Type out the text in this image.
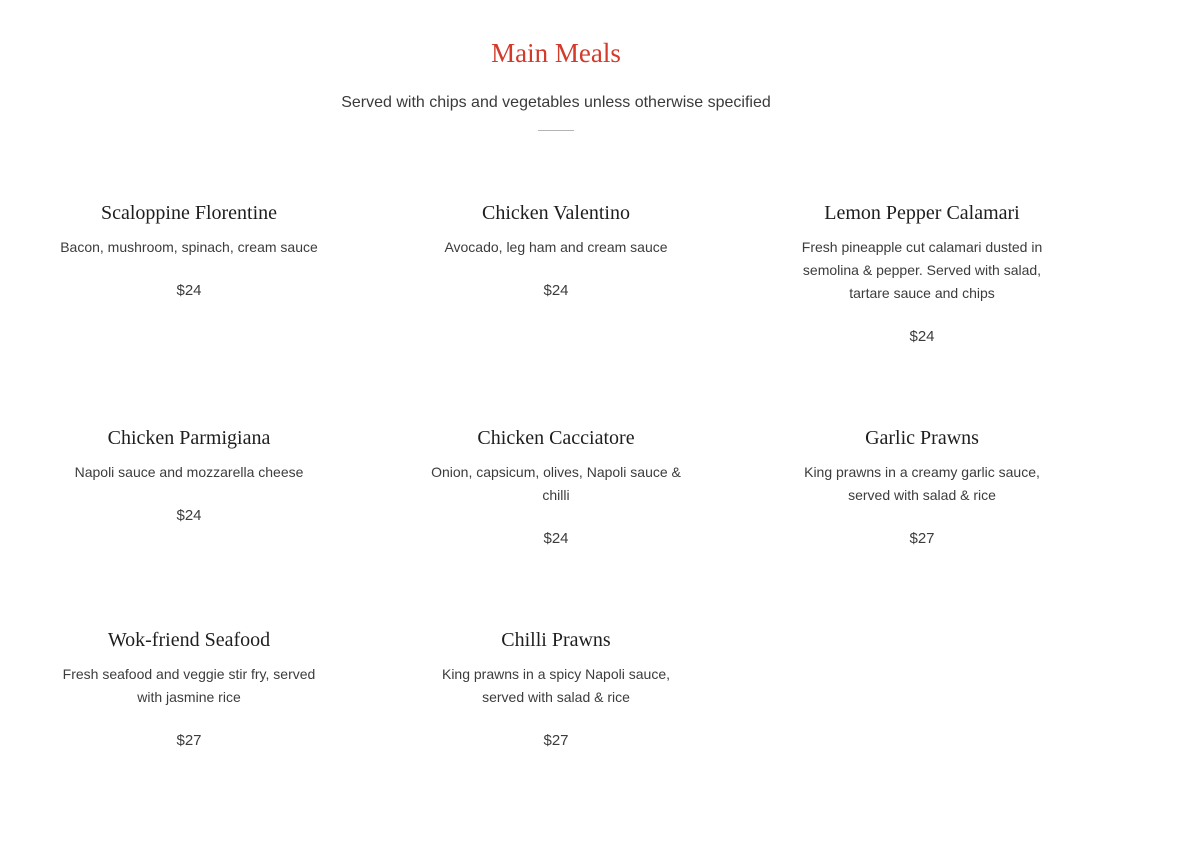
Main Meals

Served with chips and vegetables unless otherwise specified

Scaloppine Florentine

Bacon, mushroom, spinach, cream sauce

$24
Chicken Valentino

Avocado, leg ham and cream sauce

$24
Lemon Pepper Calamari

Fresh pineapple cut calamari dusted in semolina & pepper. Served with salad, tartare sauce and chips

$24
Chicken Parmigiana

Napoli sauce and mozzarella cheese

$24
Chicken Cacciatore

Onion, capsicum, olives, Napoli sauce & chilli

$24
Garlic Prawns

King prawns in a creamy garlic sauce, served with salad & rice

$27
Wok-friend Seafood

Fresh seafood and veggie stir fry, served with jasmine rice

$27
Chilli Prawns

King prawns in a spicy Napoli sauce, served with salad & rice

$27
